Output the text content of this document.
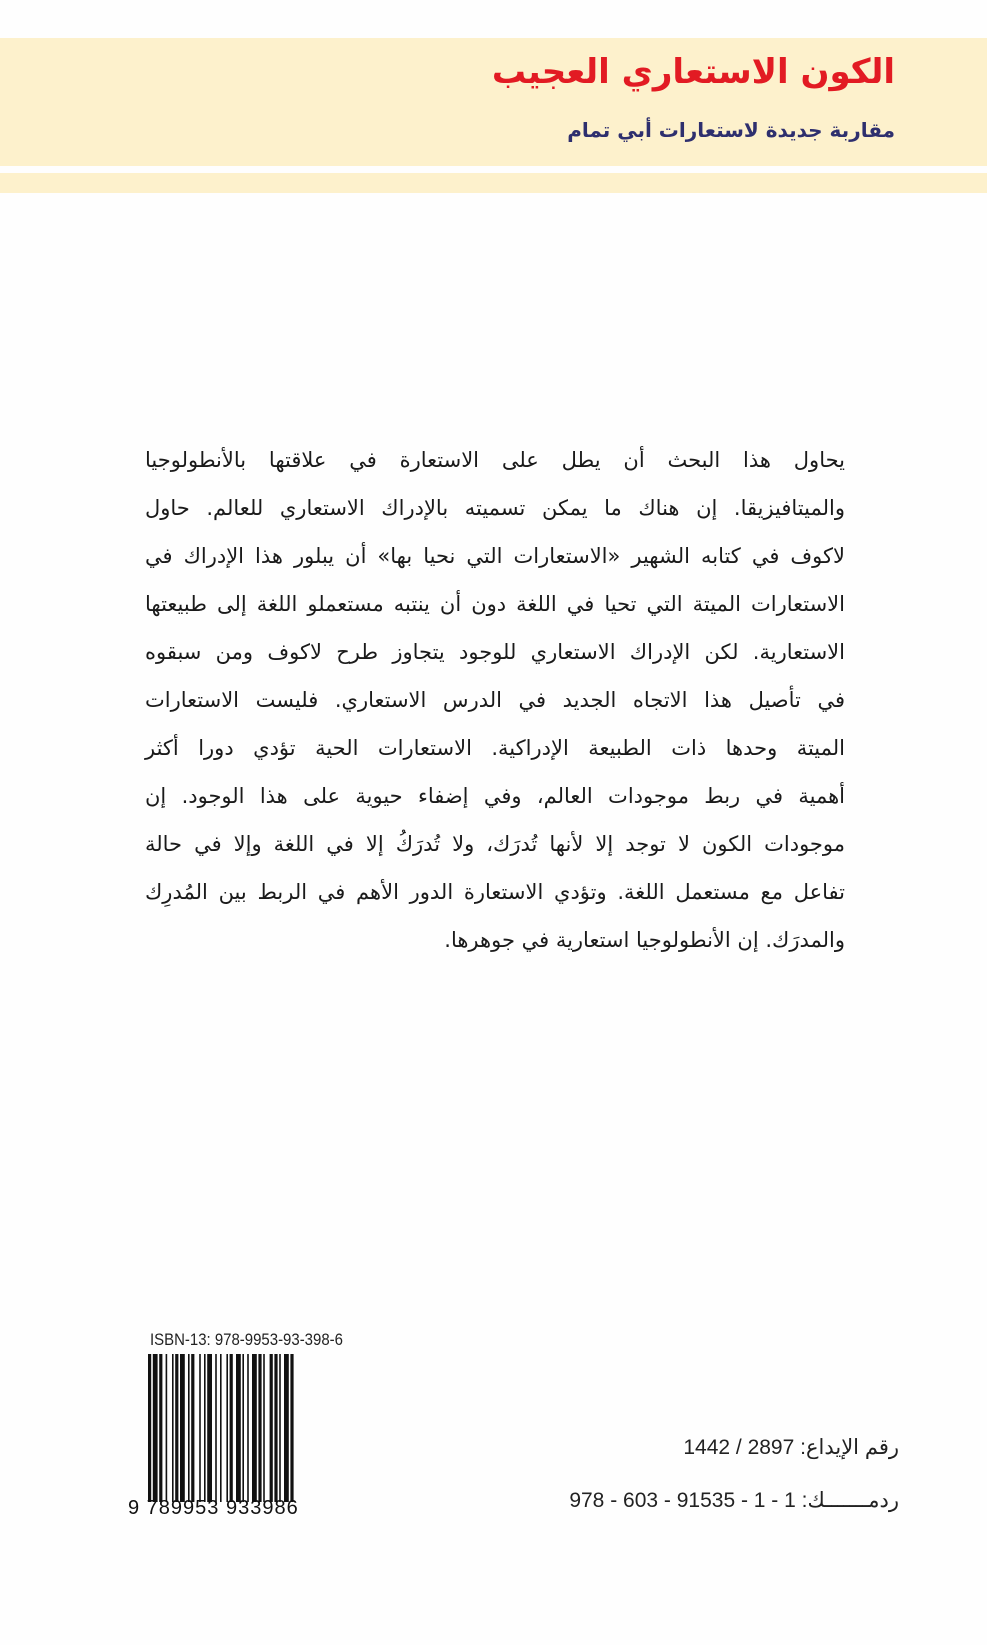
الكون الاستعاري العجيب
مقاربة جديدة لاستعارات أبي تمام
يحاول هذا البحث أن يطل على الاستعارة في علاقتها بالأنطولوجيا
والميتافيزيقا. إن هناك ما يمكن تسميته بالإدراك الاستعاري للعالم. حاول
لاكوف في كتابه الشهير «الاستعارات التي نحيا بها» أن يبلور هذا الإدراك في
الاستعارات الميتة التي تحيا في اللغة دون أن ينتبه مستعملو اللغة إلى طبيعتها
الاستعارية. لكن الإدراك الاستعاري للوجود يتجاوز طرح لاكوف ومن سبقوه
في تأصيل هذا الاتجاه الجديد في الدرس الاستعاري. فليست الاستعارات
الميتة وحدها ذات الطبيعة الإدراكية. الاستعارات الحية تؤدي دورا أكثر
أهمية في ربط موجودات العالم، وفي إضفاء حيوية على هذا الوجود. إن
موجودات الكون لا توجد إلا لأنها تُدرَك، ولا تُدرَكُ إلا في اللغة وإلا في حالة
تفاعل مع مستعمل اللغة. وتؤدي الاستعارة الدور الأهم في الربط بين المُدرِك
والمدرَك. إن الأنطولوجيا استعارية في جوهرها.
ISBN-13: 978-9953-93-398-6
9 789953 933986
رقم الإيداع: 1442 / 2897
ردمـــــــك: 978 - 603 - 91535 - 1 - 1
